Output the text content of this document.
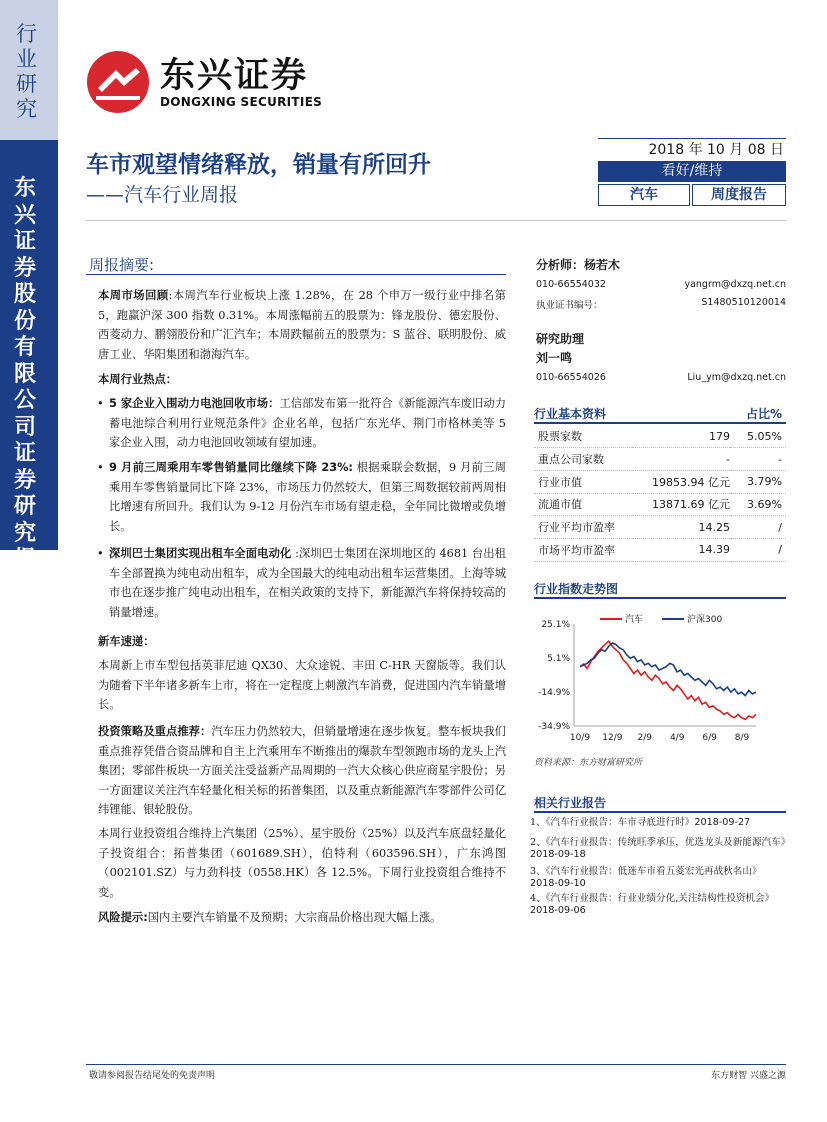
行业研究
东兴证券股份有限公司证券研究报告
东兴证券
DONGXING SECURITIES
车市观望情绪释放，销量有所回升
——汽车行业周报
2018 年 10 月 08 日
看好/维持
汽车	周度报告
周报摘要:
本周市场回顾:本周汽车行业板块上涨 1.28%，在 28 个申万一级行业中排名第 5，跑赢沪深 300 指数 0.31%。本周涨幅前五的股票为：锋龙股份、德宏股份、西菱动力、鹏翎股份和广汇汽车；本周跌幅前五的股票为：S 蓝谷、联明股份、威唐工业、华阳集团和渤海汽车。
本周行业热点：
• 5 家企业入围动力电池回收市场：工信部发布第一批符合《新能源汽车废旧动力蓄电池综合利用行业规范条件》企业名单，包括广东光华、荆门市格林美等 5 家企业入围，动力电池回收领域有望加速。
• 9 月前三周乘用车零售销量同比继续下降 23%: 根据乘联会数据，9 月前三周乘用车零售销量同比下降 23%，市场压力仍然较大，但第三周数据较前两周相比增速有所回升。我们认为 9-12 月份汽车市场有望走稳，全年同比微增或负增长。
• 深圳巴士集团实现出租车全面电动化 :深圳巴士集团在深圳地区的 4681 台出租车全部置换为纯电动出租车，成为全国最大的纯电动出租车运营集团。上海等城市也在逐步推广纯电动出租车，在相关政策的支持下，新能源汽车将保持较高的销量增速。
新车速递：
本周新上市车型包括英菲尼迪 QX30、大众途锐、丰田 C-HR 天窗版等。我们认为随着下半年诸多新车上市，将在一定程度上刺激汽车消费，促进国内汽车销量增长。
投资策略及重点推荐：汽车压力仍然较大，但销量增速在逐步恢复。整车板块我们重点推荐凭借合资品牌和自主上汽乘用车不断推出的爆款车型领跑市场的龙头上汽集团；零部件板块一方面关注受益新产品周期的一汽大众核心供应商星宇股份；另一方面建议关注汽车轻量化相关标的拓普集团，以及重点新能源汽车零部件公司亿纬锂能、银轮股份。
本周行业投资组合维持上汽集团（25%）、星宇股份（25%）以及汽车底盘轻量化子投资组合：拓普集团（601689.SH），伯特利（603596.SH），广东鸿图（002101.SZ）与力劲科技（0558.HK）各 12.5%。下周行业投资组合维持不变。
风险提示:国内主要汽车销量不及预期；大宗商品价格出现大幅上涨。
分析师：杨若木
010-66554032	yangrm@dxzq.net.cn
执业证书编号：	S1480510120014
研究助理
刘一鸣
010-66554026	Liu_ym@dxzq.net.cn
行业基本资料	占比%
股票家数	179	5.05%
重点公司家数	-	-
行业市值	19853.94 亿元	3.79%
流通市值	13871.69 亿元	3.69%
行业平均市盈率	14.25	/
市场平均市盈率	14.39	/
行业指数走势图
25.1%
5.1%
-14.9%
-34.9%
10/9 12/9 2/9 4/9 6/9 8/9
汽车	沪深300
资料来源：东方财富研究所
相关行业报告
1、《汽车行业报告：车市寻底进行时》2018-09-27
2、《汽车行业报告：传统旺季承压，优选龙头及新能源汽车》2018-09-18
3、《汽车行业报告：低迷车市看五菱宏光再战秋名山》
2018-09-10
4、《汽车行业报告：行业业绩分化,关注结构性投资机会》
2018-09-06
敬请参阅报告结尾处的免责声明	东方财智 兴盛之源
